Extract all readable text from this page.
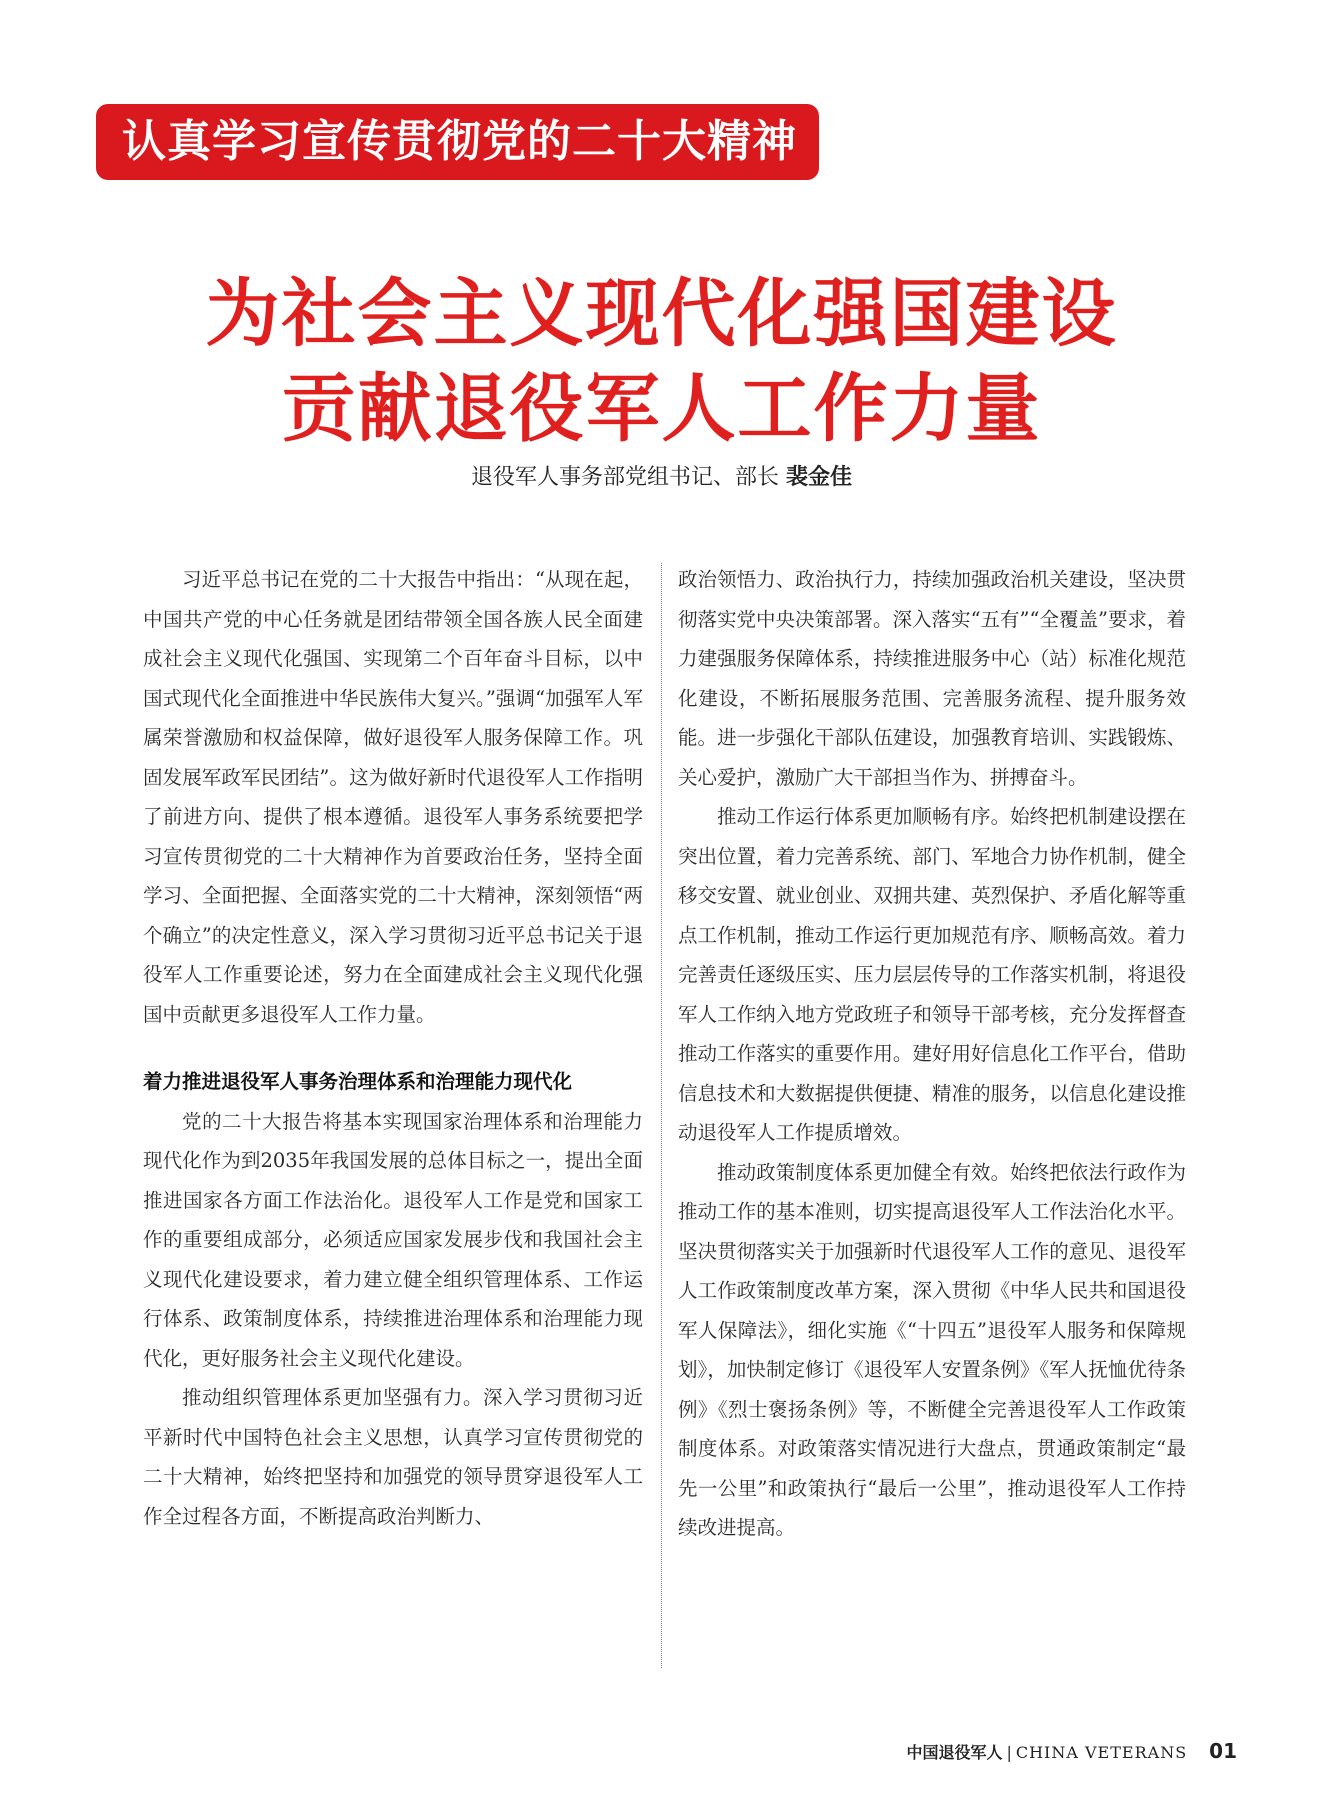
认真学习宣传贯彻党的二十大精神
为社会主义现代化强国建设
贡献退役军人工作力量
退役军人事务部党组书记、部长 裴金佳

习近平总书记在党的二十大报告中指出：“从现在起，中国共产党的中心任务就是团结带领全国各族人民全面建成社会主义现代化强国、实现第二个百年奋斗目标，以中国式现代化全面推进中华民族伟大复兴。”强调“加强军人军属荣誉激励和权益保障，做好退役军人服务保障工作。巩固发展军政军民团结”。这为做好新时代退役军人工作指明了前进方向、提供了根本遵循。退役军人事务系统要把学习宣传贯彻党的二十大精神作为首要政治任务，坚持全面学习、全面把握、全面落实党的二十大精神，深刻领悟“两个确立”的决定性意义，深入学习贯彻习近平总书记关于退役军人工作重要论述，努力在全面建成社会主义现代化强国中贡献更多退役军人工作力量。

着力推进退役军人事务治理体系和治理能力现代化

党的二十大报告将基本实现国家治理体系和治理能力现代化作为到2035年我国发展的总体目标之一，提出全面推进国家各方面工作法治化。退役军人工作是党和国家工作的重要组成部分，必须适应国家发展步伐和我国社会主义现代化建设要求，着力建立健全组织管理体系、工作运行体系、政策制度体系，持续推进治理体系和治理能力现代化，更好服务社会主义现代化建设。

推动组织管理体系更加坚强有力。深入学习贯彻习近平新时代中国特色社会主义思想，认真学习宣传贯彻党的二十大精神，始终把坚持和加强党的领导贯穿退役军人工作全过程各方面，不断提高政治判断力、

政治领悟力、政治执行力，持续加强政治机关建设，坚决贯彻落实党中央决策部署。深入落实“五有”“全覆盖”要求，着力建强服务保障体系，持续推进服务中心（站）标准化规范化建设，不断拓展服务范围、完善服务流程、提升服务效能。进一步强化干部队伍建设，加强教育培训、实践锻炼、关心爱护，激励广大干部担当作为、拼搏奋斗。

推动工作运行体系更加顺畅有序。始终把机制建设摆在突出位置，着力完善系统、部门、军地合力协作机制，健全移交安置、就业创业、双拥共建、英烈保护、矛盾化解等重点工作机制，推动工作运行更加规范有序、顺畅高效。着力完善责任逐级压实、压力层层传导的工作落实机制，将退役军人工作纳入地方党政班子和领导干部考核，充分发挥督查推动工作落实的重要作用。建好用好信息化工作平台，借助信息技术和大数据提供便捷、精准的服务，以信息化建设推动退役军人工作提质增效。

推动政策制度体系更加健全有效。始终把依法行政作为推动工作的基本准则，切实提高退役军人工作法治化水平。坚决贯彻落实关于加强新时代退役军人工作的意见、退役军人工作政策制度改革方案，深入贯彻《中华人民共和国退役军人保障法》，细化实施《“十四五”退役军人服务和保障规划》，加快制定修订《退役军人安置条例》《军人抚恤优待条例》《烈士褒扬条例》等，不断健全完善退役军人工作政策制度体系。对政策落实情况进行大盘点，贯通政策制定“最先一公里”和政策执行“最后一公里”，推动退役军人工作持续改进提高。

中国退役军人 | CHINA VETERANS 01
